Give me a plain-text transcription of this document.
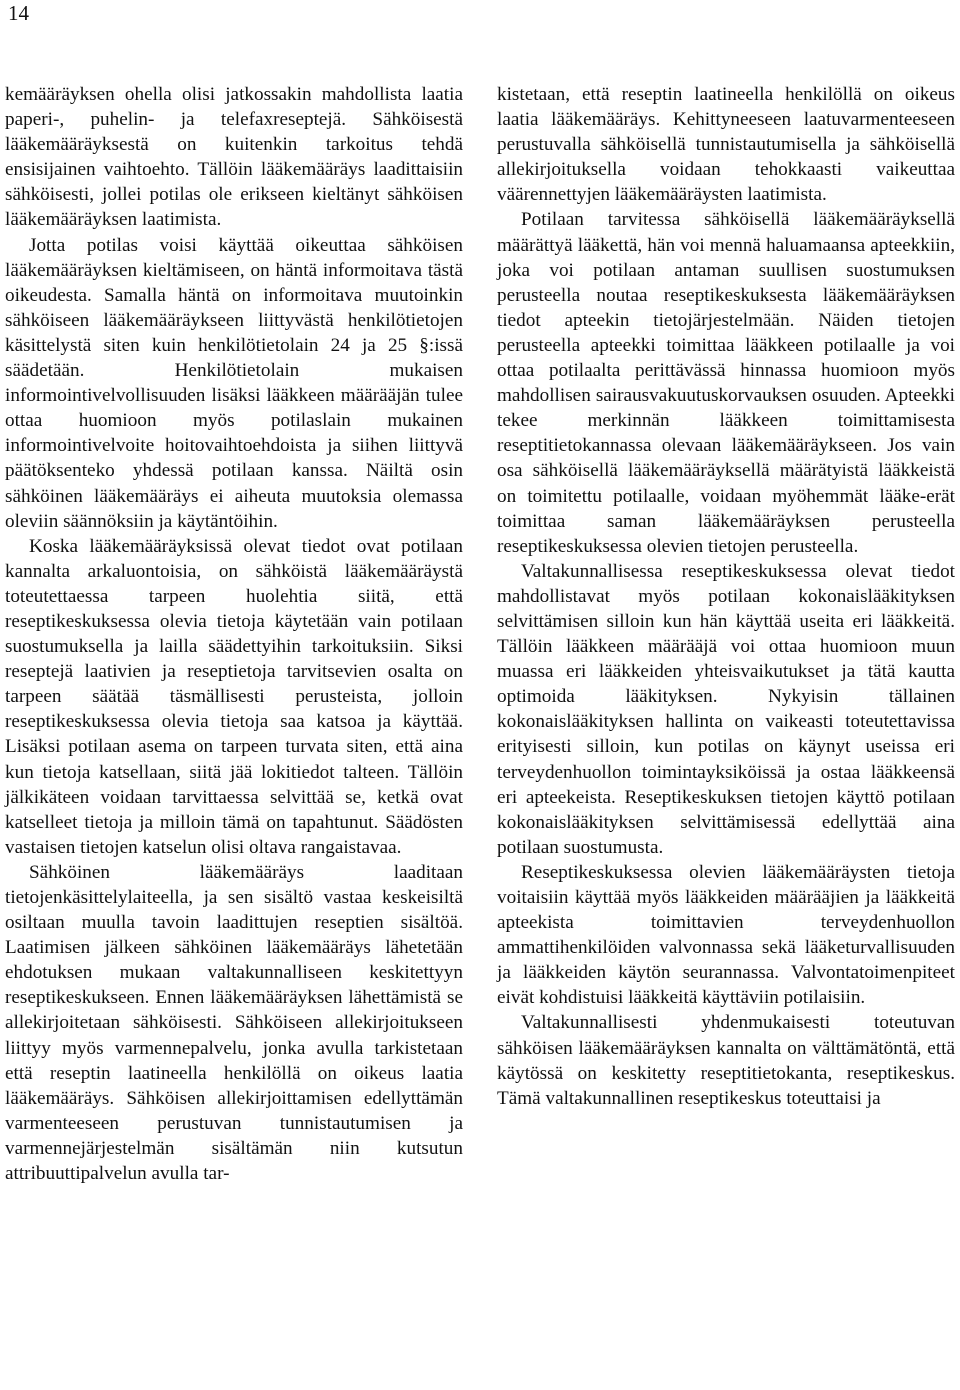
14

kemääräyksen ohella olisi jatkossakin mahdollista laatia paperi-, puhelin- ja telefaxreseptejä. Sähköisestä lääkemääräyksestä on kuitenkin tarkoitus tehdä ensisijainen vaihtoehto. Tällöin lääkemääräys laadittaisiin sähköisesti, jollei potilas ole erikseen kieltänyt sähköisen lääkemääräyksen laatimista.

Jotta potilas voisi käyttää oikeuttaa sähköisen lääkemääräyksen kieltämiseen, on häntä informoitava tästä oikeudesta. Samalla häntä on informoitava muutoinkin sähköiseen lääkemääräykseen liittyvästä henkilötietojen käsittelystä siten kuin henkilötietolain 24 ja 25 §:issä säädetään. Henkilötietolain mukaisen informointivelvollisuuden lisäksi lääkkeen määrääjän tulee ottaa huomioon myös potilaslain mukainen informointivelvoite hoitovaihtoehdoista ja siihen liittyvä päätöksenteko yhdessä potilaan kanssa. Näiltä osin sähköinen lääkemääräys ei aiheuta muutoksia olemassa oleviin säännöksiin ja käytäntöihin.

Koska lääkemääräyksissä olevat tiedot ovat potilaan kannalta arkaluontoisia, on sähköistä lääkemääräystä toteutettaessa tarpeen huolehtia siitä, että reseptikeskuksessa olevia tietoja käytetään vain potilaan suostumuksella ja lailla säädettyihin tarkoituksiin. Siksi reseptejä laativien ja reseptietoja tarvitsevien osalta on tarpeen säätää täsmällisesti perusteista, jolloin reseptikeskuksessa olevia tietoja saa katsoa ja käyttää. Lisäksi potilaan asema on tarpeen turvata siten, että aina kun tietoja katsellaan, siitä jää lokitiedot talteen. Tällöin jälkikäteen voidaan tarvittaessa selvittää se, ketkä ovat katselleet tietoja ja milloin tämä on tapahtunut. Säädösten vastaisen tietojen katselun olisi oltava rangaistavaa.

Sähköinen lääkemääräys laaditaan tietojenkäsittelylaiteella, ja sen sisältö vastaa keskeisiltä osiltaan muulla tavoin laadittujen reseptien sisältöä. Laatimisen jälkeen sähköinen lääkemääräys lähetetään ehdotuksen mukaan valtakunnalliseen keskitettyyn reseptikeskukseen. Ennen lääkemääräyksen lähettämistä se allekirjoitetaan sähköisesti. Sähköiseen allekirjoitukseen liittyy myös varmennepalvelu, jonka avulla tarkistetaan että reseptin laatineella henkilöllä on oikeus laatia lääkemääräys. Sähköisen allekirjoittamisen edellyttämän varmenteeseen perustuvan tunnistautumisen ja varmennejärjestelmän sisältämän niin kutsutun attribuuttipalvelun avulla tar-

kistetaan, että reseptin laatineella henkilöllä on oikeus laatia lääkemääräys. Kehittyneeseen laatuvarmenteeseen perustuvalla sähköisellä tunnistautumisella ja sähköisellä allekirjoituksella voidaan tehokkaasti vaikeuttaa väärennettyjen lääkemääräysten laatimista.

Potilaan tarvitessa sähköisellä lääkemääräyksellä määrättyä lääkettä, hän voi mennä haluamaansa apteekkiin, joka voi potilaan antaman suullisen suostumuksen perusteella noutaa reseptikeskuksesta lääkemääräyksen tiedot apteekin tietojärjestelmään. Näiden tietojen perusteella apteekki toimittaa lääkkeen potilaalle ja voi ottaa potilaalta perittävässä hinnassa huomioon myös mahdollisen sairausvakuutuskorvauksen osuuden. Apteekki tekee merkinnän lääkkeen toimittamisesta reseptitietokannassa olevaan lääkemääräykseen. Jos vain osa sähköisellä lääkemääräyksellä määrätyistä lääkkeistä on toimitettu potilaalle, voidaan myöhemmät lääke-erät toimittaa saman lääkemääräyksen perusteella reseptikeskuksessa olevien tietojen perusteella.

Valtakunnallisessa reseptikeskuksessa olevat tiedot mahdollistavat myös potilaan kokonaislääkityksen selvittämisen silloin kun hän käyttää useita eri lääkkeitä. Tällöin lääkkeen määrääjä voi ottaa huomioon muun muassa eri lääkkeiden yhteisvaikutukset ja tätä kautta optimoida lääkityksen. Nykyisin tällainen kokonaislääkityksen hallinta on vaikeasti toteutettavissa erityisesti silloin, kun potilas on käynyt useissa eri terveydenhuollon toimintayksiköissä ja ostaa lääkkeensä eri apteekeista. Reseptikeskuksen tietojen käyttö potilaan kokonaislääkityksen selvittämisessä edellyttää aina potilaan suostumusta.

Reseptikeskuksessa olevien lääkemääräysten tietoja voitaisiin käyttää myös lääkkeiden määrääjien ja lääkkeitä apteekista toimittavien terveydenhuollon ammattihenkilöiden valvonnassa sekä lääketurvallisuuden ja lääkkeiden käytön seurannassa. Valvontatoimenpiteet eivät kohdistuisi lääkkeitä käyttäviin potilaisiin.

Valtakunnallisesti yhdenmukaisesti toteutuvan sähköisen lääkemääräyksen kannalta on välttämätöntä, että käytössä on keskitetty reseptitietokanta, reseptikeskus. Tämä valtakunnallinen reseptikeskus toteuttaisi ja
